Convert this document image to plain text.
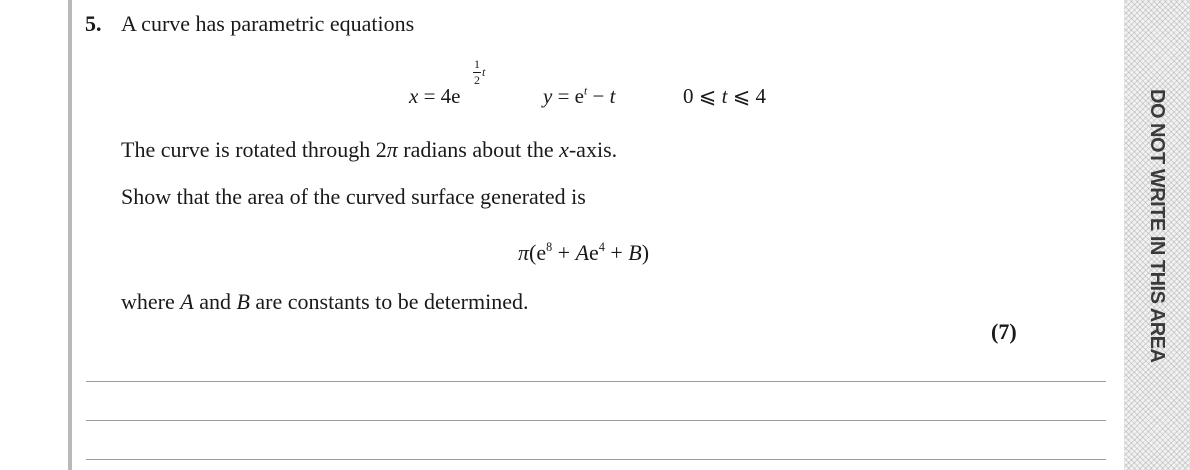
5. A curve has parametric equations
x = 4e
1
2
t
$y = e^t - t$	0 ⩽ t ⩽ 4
The curve is rotated through 2π radians about the x-axis.
Show that the area of the curved surface generated is
$\pi(e^8 + Ae^4 + B)$
where A and B are constants to be determined.
(7)	DO NOT WRITE IN THIS AREA
